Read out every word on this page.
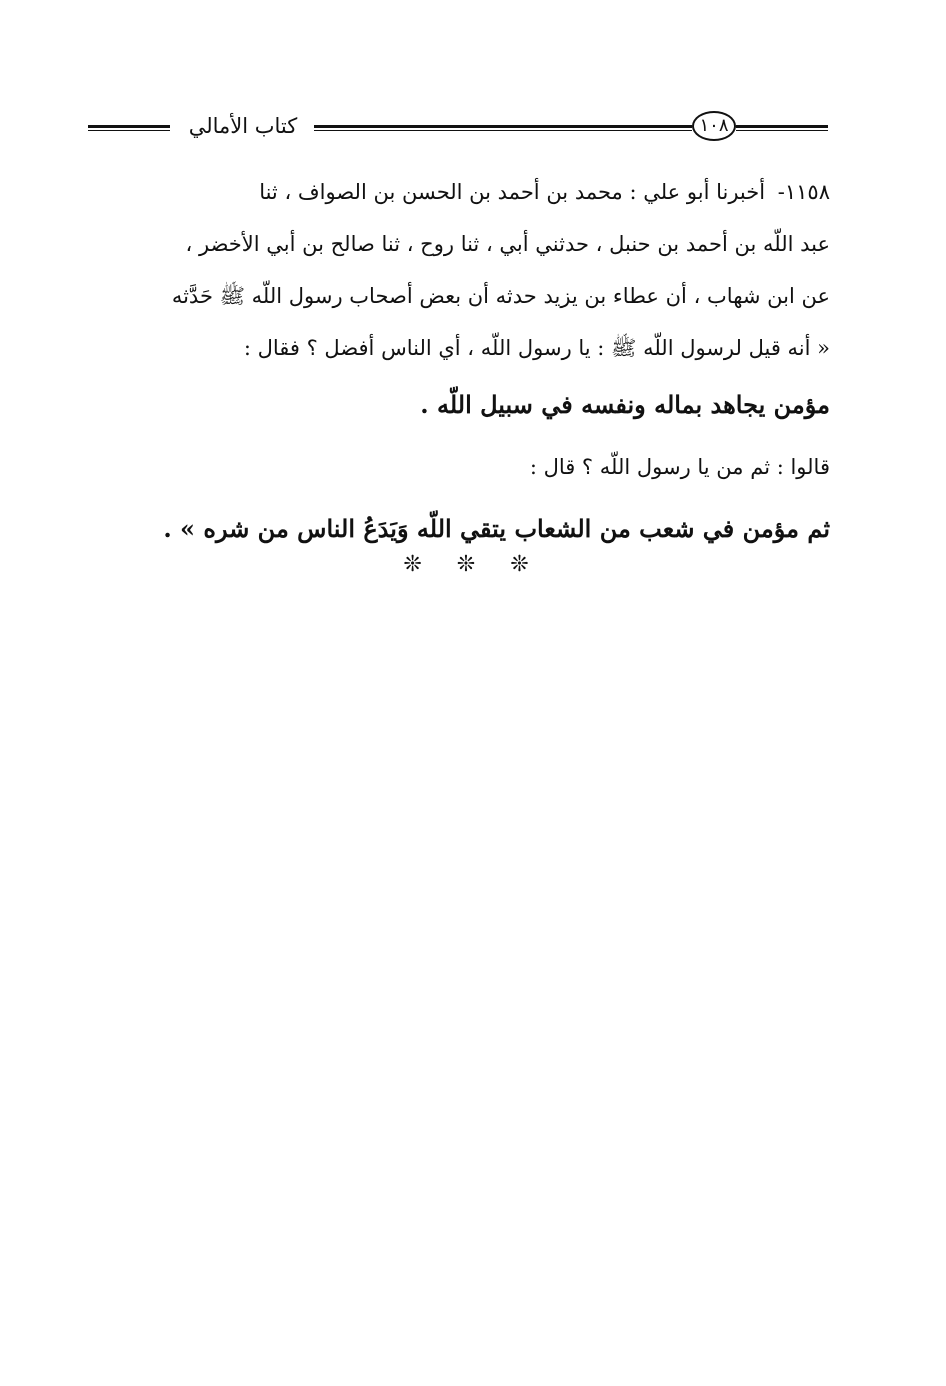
١٠٨
كتاب الأمالي

١١٥٨- أخبرنا أبو علي : محمد بن أحمد بن الحسن بن الصواف ، ثنا
عبد اللّه بن أحمد بن حنبل ، حدثني أبي ، ثنا روح ، ثنا صالح بن أبي الأخضر ،
عن ابن شهاب ، أن عطاء بن يزيد حدثه أن بعض أصحاب رسول اللّه ﷺ حَدَّثه
« أنه قيل لرسول اللّه ﷺ : يا رسول اللّه ، أي الناس أفضل ؟ فقال :

مؤمن يجاهد بماله ونفسه في سبيل اللّه .

قالوا : ثم من يا رسول اللّه ؟ قال :

ثم مؤمن في شعب من الشعاب يتقي اللّه وَيَدَعُ الناس من شره » .

❊ ❊ ❊
